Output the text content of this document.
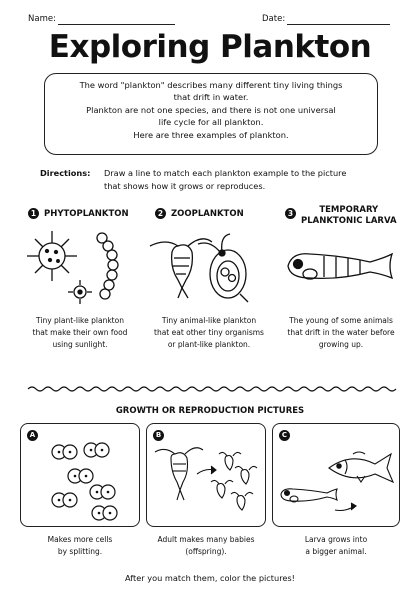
Name:	Date:
Exploring Plankton

The word "plankton" describes many different tiny living things

that drift in water.

Plankton are not one species, and there is not one universal

life cycle for all plankton.

Here are three examples of plankton.

Directions: Draw a line to match each plankton example to the picture that shows how it grows or reproduces.
1 PHYTOPLANKTON	2 ZOOPLANKTON	3	TEMPORARY
PLANKTONIC LARVA
Tiny plant-like plankton
that make their own food
using sunlight.
Tiny animal-like plankton
that eat other tiny organisms
or plant-like plankton.
The young of some animals
that drift in the water before
growing up.
GROWTH OR REPRODUCTION PICTURES
A	B	C
Makes more cells
by splitting.
Adult makes many babies
(offspring).
Larva grows into
a bigger animal.
After you match them, color the pictures!
